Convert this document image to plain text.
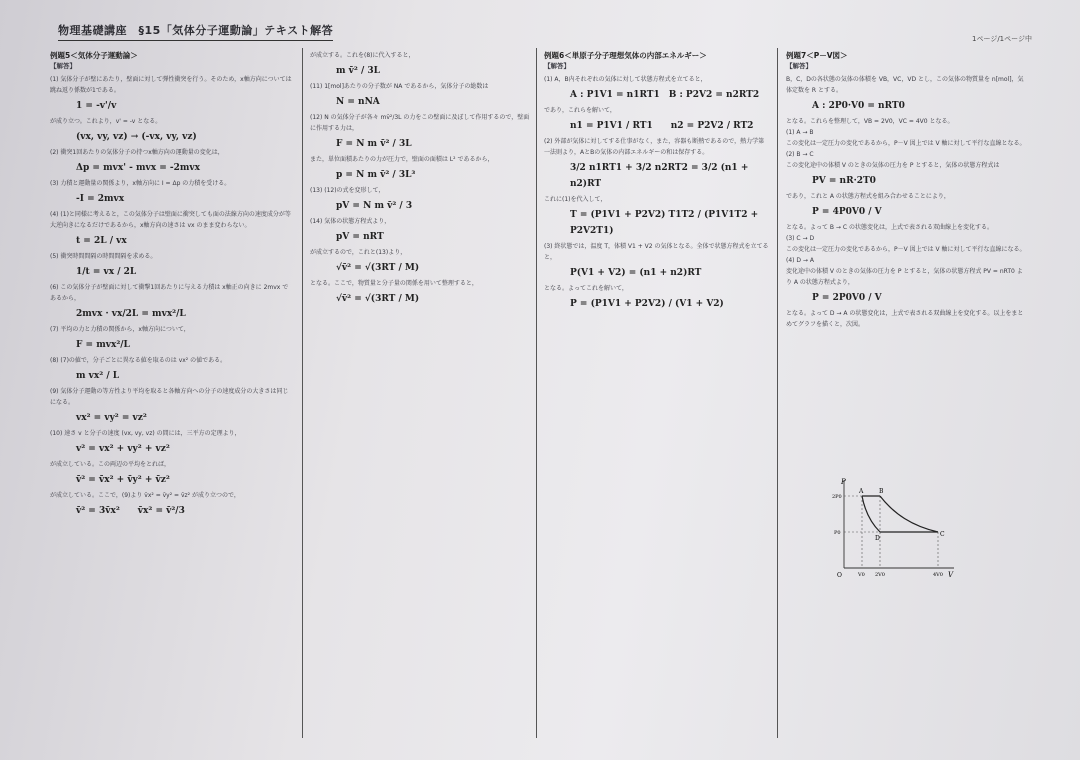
物理基礎講座　§15「気体分子運動論」テキスト解答
1ページ/1ページ中
例題5＜気体分子運動論＞
【解答】
(1) 気体分子が壁にあたり，壁面に対して弾性衝突を行う。そのため，x軸方向については跳ね返り係数が1である。
1 = -v'/v
が成り立つ。これより，v' = -v となる。
(vx, vy, vz) → (-vx, vy, vz)
(2) 衝突1回あたりの気体分子の持つx軸方向の運動量の変化は，
Δp = mvx' - mvx = -2mvx
(3) 力積と運動量の関係より，x軸方向に I = Δp の力積を受ける。
-I = 2mvx
(4) (1)と同様に考えると，この気体分子は壁面に衝突しても面の法線方向の速度成分が等大逆向きになるだけであるから，x軸方向の速さは vx のまま変わらない。
t = 2L / vx
(5) 衝突時間間隔の時間間隔を求める。
1/t = vx / 2L
(6) この気体分子が壁面に対して衝撃1回あたりに与える力積は x軸正の向きに 2mvx であるから，
2mvx · vx/2L = mvx²/L
(7) 平均の力と力積の関係から，x軸方向について，
F = mvx²/L
(8) (7)の値で，分子ごとに異なる値を取るのは vx² の値である。
m vx² / L
(9) 気体分子運動の等方性より平均を取ると各軸方向への分子の速度成分の大きさは同じになる。
vx² = vy² = vz²
(10) 速さ v と分子の速度 (vx, vy, vz) の間には，三平方の定理より，
v² = vx² + vy² + vz²
が成立している。この両辺の平均をとれば，
v̄² = v̄x² + v̄y² + v̄z²
が成立している。ここで，(9)より v̄x² = v̄y² = v̄z² が成り立つので，
v̄² = 3v̄x²　　v̄x² = v̄²/3
が成立する。これを(8)に代入すると，
m v̄² / 3L
(11) 1[mol]あたりの分子数が NA であるから，気体分子の総数は
N = nNA
(12) N の気体分子が各々 mv̄²/3L の力をこの壁面に及ぼして作用するので，壁面に作用する力は，
F = N m v̄² / 3L
また，単位面積あたりの力が圧力で，壁面の面積は L² であるから，
p = N m v̄² / 3L³
(13) (12)の式を変形して，
pV = N m v̄² / 3
(14) 気体の状態方程式より，
pV = nRT
が成立するので，これと(13)より，
√v̄² = √(3RT / M)
となる。ここで，物質量と分子量の関係を用いて整理すると，
√v̄² = √(3RT / M)
例題6＜単原子分子理想気体の内部エネルギー＞
【解答】
(1) A，B内それぞれの気体に対して状態方程式を立てると，
A : P1V1 = n1RT1　B : P2V2 = n2RT2
であり，これらを解いて，
n1 = P1V1 / RT1　　n2 = P2V2 / RT2
(2) 外部が気体に対してする仕事がなく，また，容器も断熱であるので，熱力学第一法則より，AとBの気体の内部エネルギーの和は保存する。
3/2 n1RT1 + 3/2 n2RT2 = 3/2 (n1 + n2)RT
これに(1)を代入して，
T = (P1V1 + P2V2) T1T2 / (P1V1T2 + P2V2T1)
(3) 終状態では，温度 T，体積 V1 + V2 の気体となる。全体で状態方程式を立てると，
P(V1 + V2) = (n1 + n2)RT
となる。よってこれを解いて，
P = (P1V1 + P2V2) / (V1 + V2)
例題7＜P－V図＞
【解答】
B，C，Dの各状態の気体の体積を VB，VC，VD とし，この気体の物質量を n[mol]，気体定数を R とする。
A : 2P0·V0 = nRT0
となる。これらを整理して，VB = 2V0，VC = 4V0 となる。
(1) A → B
この変化は一定圧力の変化であるから，P－V 図上では V 軸に対して平行な直線となる。
(2) B → C
この変化途中の体積 V のときの気体の圧力を P とすると，気体の状態方程式は
PV = nR·2T0
であり，これと A の状態方程式を組み合わせることにより，
P = 4P0V0 / V
となる。よって B → C の状態変化は，上式で表される双曲線上を変化する。
(3) C → D
この変化は一定圧力の変化であるから，P－V 図上では V 軸に対して平行な直線になる。
(4) D → A
変化途中の体積 V のときの気体の圧力を P とすると，気体の状態方程式 PV = nRT0 より A の状態方程式より，
P = 2P0V0 / V
となる。よって D → A の状態変化は，上式で表される双曲線上を変化する。以上をまとめてグラフを描くと，次図。
P
V
O
2P0
P0
V0 2V0	4V0
A	B
C
D
